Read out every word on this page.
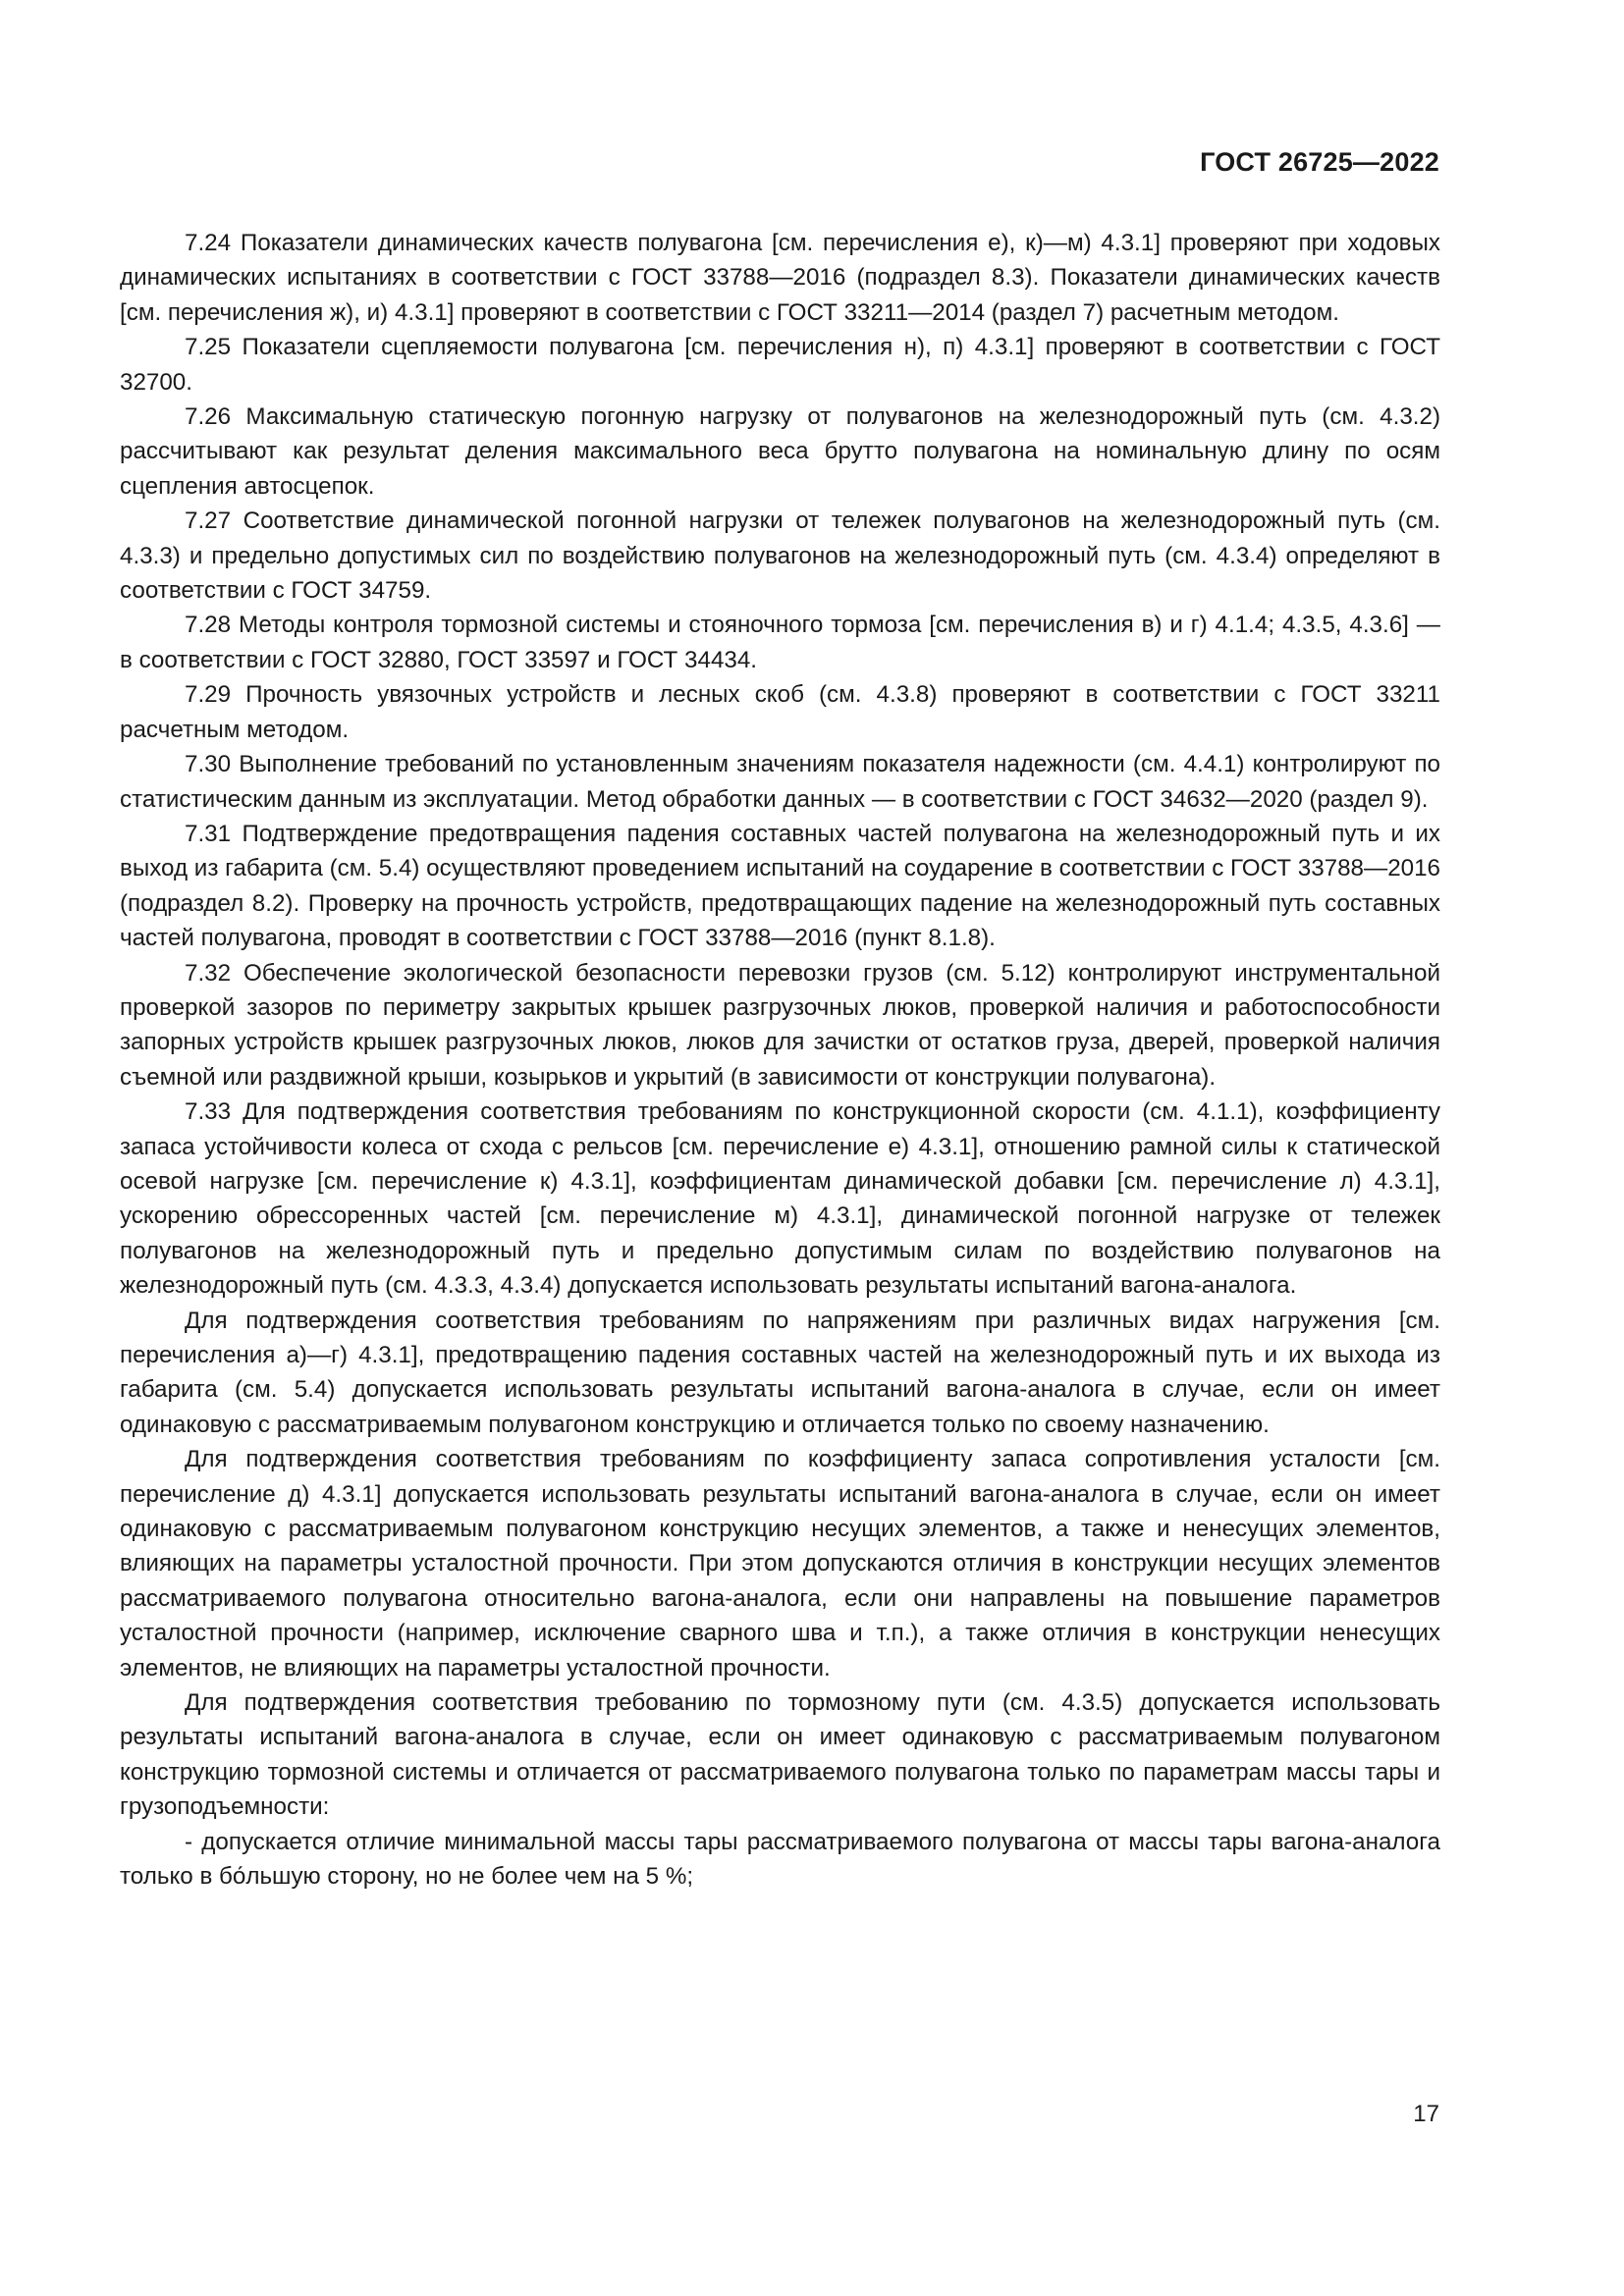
ГОСТ 26725—2022

7.24 Показатели динамических качеств полувагона [см. перечисления е), к)—м) 4.3.1] проверяют при ходовых динамических испытаниях в соответствии с ГОСТ 33788—2016 (подраздел 8.3). Показатели динамических качеств [см. перечисления ж), и) 4.3.1] проверяют в соответствии с ГОСТ 33211—2014 (раздел 7) расчетным методом.

7.25 Показатели сцепляемости полувагона [см. перечисления н), п) 4.3.1] проверяют в соответствии с ГОСТ 32700.

7.26 Максимальную статическую погонную нагрузку от полувагонов на железнодорожный путь (см. 4.3.2) рассчитывают как результат деления максимального веса брутто полувагона на номинальную длину по осям сцепления автосцепок.

7.27 Соответствие динамической погонной нагрузки от тележек полувагонов на железнодорожный путь (см. 4.3.3) и предельно допустимых сил по воздействию полувагонов на железнодорожный путь (см. 4.3.4) определяют в соответствии с ГОСТ 34759.

7.28 Методы контроля тормозной системы и стояночного тормоза [см. перечисления в) и г) 4.1.4; 4.3.5, 4.3.6] — в соответствии с ГОСТ 32880, ГОСТ 33597 и ГОСТ 34434.

7.29 Прочность увязочных устройств и лесных скоб (см. 4.3.8) проверяют в соответствии с ГОСТ 33211 расчетным методом.

7.30 Выполнение требований по установленным значениям показателя надежности (см. 4.4.1) контролируют по статистическим данным из эксплуатации. Метод обработки данных — в соответствии с ГОСТ 34632—2020 (раздел 9).

7.31 Подтверждение предотвращения падения составных частей полувагона на железнодорожный путь и их выход из габарита (см. 5.4) осуществляют проведением испытаний на соударение в соответствии с ГОСТ 33788—2016 (подраздел 8.2). Проверку на прочность устройств, предотвращающих падение на железнодорожный путь составных частей полувагона, проводят в соответствии с ГОСТ 33788—2016 (пункт 8.1.8).

7.32 Обеспечение экологической безопасности перевозки грузов (см. 5.12) контролируют инструментальной проверкой зазоров по периметру закрытых крышек разгрузочных люков, проверкой наличия и работоспособности запорных устройств крышек разгрузочных люков, люков для зачистки от остатков груза, дверей, проверкой наличия съемной или раздвижной крыши, козырьков и укрытий (в зависимости от конструкции полувагона).

7.33 Для подтверждения соответствия требованиям по конструкционной скорости (см. 4.1.1), коэффициенту запаса устойчивости колеса от схода с рельсов [см. перечисление е) 4.3.1], отношению рамной силы к статической осевой нагрузке [см. перечисление к) 4.3.1], коэффициентам динамической добавки [см. перечисление л) 4.3.1], ускорению обрессоренных частей [см. перечисление м) 4.3.1], динамической погонной нагрузке от тележек полувагонов на железнодорожный путь и предельно допустимым силам по воздействию полувагонов на железнодорожный путь (см. 4.3.3, 4.3.4) допускается использовать результаты испытаний вагона-аналога.

Для подтверждения соответствия требованиям по напряжениям при различных видах нагружения [см. перечисления а)—г) 4.3.1], предотвращению падения составных частей на железнодорожный путь и их выхода из габарита (см. 5.4) допускается использовать результаты испытаний вагона-аналога в случае, если он имеет одинаковую с рассматриваемым полувагоном конструкцию и отличается только по своему назначению.

Для подтверждения соответствия требованиям по коэффициенту запаса сопротивления усталости [см. перечисление д) 4.3.1] допускается использовать результаты испытаний вагона-аналога в случае, если он имеет одинаковую с рассматриваемым полувагоном конструкцию несущих элементов, а также и ненесущих элементов, влияющих на параметры усталостной прочности. При этом допускаются отличия в конструкции несущих элементов рассматриваемого полувагона относительно вагона-аналога, если они направлены на повышение параметров усталостной прочности (например, исключение сварного шва и т.п.), а также отличия в конструкции ненесущих элементов, не влияющих на параметры усталостной прочности.

Для подтверждения соответствия требованию по тормозному пути (см. 4.3.5) допускается использовать результаты испытаний вагона-аналога в случае, если он имеет одинаковую с рассматриваемым полувагоном конструкцию тормозной системы и отличается от рассматриваемого полувагона только по параметрам массы тары и грузоподъемности:

- допускается отличие минимальной массы тары рассматриваемого полувагона от массы тары вагона-аналога только в бо́льшую сторону, но не более чем на 5 %;

17
